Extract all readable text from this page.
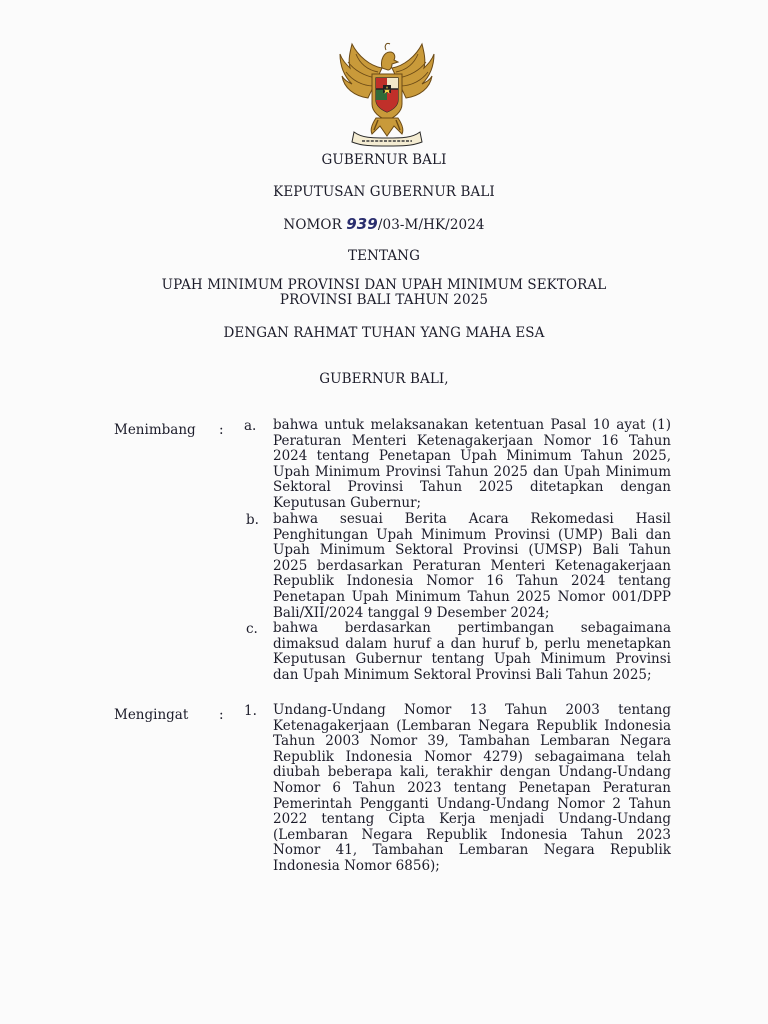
GUBERNUR BALI
KEPUTUSAN GUBERNUR BALI
NOMOR 939/03-M/HK/2024
TENTANG
UPAH MINIMUM PROVINSI DAN UPAH MINIMUM SEKTORAL
PROVINSI BALI TAHUN 2025
DENGAN RAHMAT TUHAN YANG MAHA ESA
GUBERNUR BALI,
Menimbang : a. bahwa untuk melaksanakan ketentuan Pasal 10 ayat (1) Peraturan Menteri Ketenagakerjaan Nomor 16 Tahun 2024 tentang Penetapan Upah Minimum Tahun 2025, Upah Minimum Provinsi Tahun 2025 dan Upah Minimum Sektoral Provinsi Tahun 2025 ditetapkan dengan Keputusan Gubernur;
b. bahwa sesuai Berita Acara Rekomedasi Hasil Penghitungan Upah Minimum Provinsi (UMP) Bali dan Upah Minimum Sektoral Provinsi (UMSP) Bali Tahun 2025 berdasarkan Peraturan Menteri Ketenagakerjaan Republik Indonesia Nomor 16 Tahun 2024 tentang Penetapan Upah Minimum Tahun 2025 Nomor 001/DPP Bali/XII/2024 tanggal 9 Desember 2024;
c. bahwa berdasarkan pertimbangan sebagaimana dimaksud dalam huruf a dan huruf b, perlu menetapkan Keputusan Gubernur tentang Upah Minimum Provinsi dan Upah Minimum Sektoral Provinsi Bali Tahun 2025;
Mengingat : 1. Undang-Undang Nomor 13 Tahun 2003 tentang Ketenagakerjaan (Lembaran Negara Republik Indonesia Tahun 2003 Nomor 39, Tambahan Lembaran Negara Republik Indonesia Nomor 4279) sebagaimana telah diubah beberapa kali, terakhir dengan Undang-Undang Nomor 6 Tahun 2023 tentang Penetapan Peraturan Pemerintah Pengganti Undang-Undang Nomor 2 Tahun 2022 tentang Cipta Kerja menjadi Undang-Undang (Lembaran Negara Republik Indonesia Tahun 2023 Nomor 41, Tambahan Lembaran Negara Republik Indonesia Nomor 6856);
